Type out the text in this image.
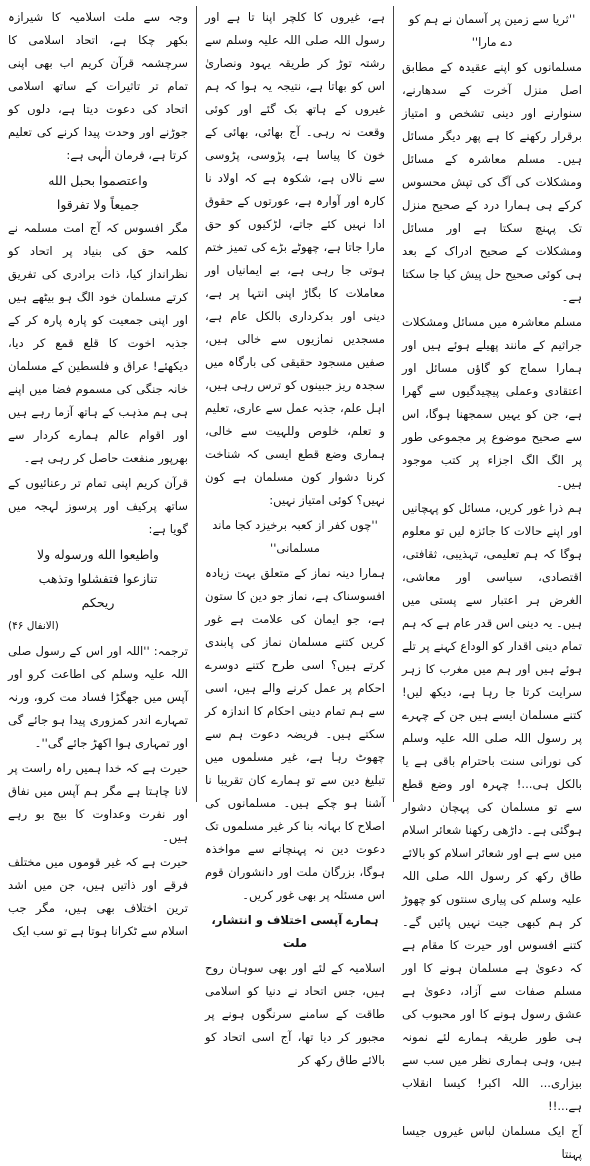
''ثریا سے زمین پر آسمان نے ہم کو دے مارا''

مسلمانوں کو اپنے عقیدہ کے مطابق اصل منزل آخرت کے سدھارنے، سنوارنے اور دینی تشخص و امتیاز برقرار رکھنے کا ہے پھر دیگر مسائل ہیں۔ مسلم معاشرہ کے مسائل ومشکلات کی آگ کی تپش محسوس کرکے ہی ہمارا درد کے صحیح منزل تک پہنچ سکتا ہے اور مسائل ومشکلات کے صحیح ادراک کے بعد ہی کوئی صحیح حل پیش کیا جا سکتا ہے۔

مسلم معاشرہ میں مسائل ومشکلات جراثیم کے مانند پھیلے ہوئے ہیں اور ہمارا سماج کو گاؤں مسائل اور اعتقادی وعملی پیچیدگیوں سے گھرا ہے، جن کو یہیں سمجھنا ہوگا، اس سے صحیح موضوع پر مجموعی طور پر الگ الگ اجزاء پر کتب موجود ہیں۔

ہم ذرا غور کریں، مسائل کو پہچانیں اور اپنے حالات کا جائزہ لیں تو معلوم ہوگا کہ ہم تعلیمی، تہذیبی، ثقافتی، اقتصادی، سیاسی اور معاشی، الغرض ہر اعتبار سے پستی میں ہیں۔ یہ دینی اس قدر عام ہے کہ ہم تمام دینی اقدار کو الوداع کہنے پر تلے ہوئے ہیں اور ہم میں مغرب کا زہر سرایت کرتا جا رہا ہے، دیکھ لیں! کتنے مسلمان ایسے ہیں جن کے چہرے پر رسول اللہ صلی اللہ علیہ وسلم کی نورانی سنت باحترام باقی ہے یا بالکل ہی...! چہرہ اور وضع قطع سے تو مسلمان کی پہچان دشوار ہوگئی ہے۔ داڑھی رکھنا شعائر اسلام میں سے ہے اور شعائر اسلام کو بالائے طاق رکھ کر رسول اللہ صلی اللہ علیہ وسلم کی پیاری سنتوں کو چھوڑ کر ہم کبھی جیت نہیں پائیں گے۔ کتنے افسوس اور حیرت کا مقام ہے کہ دعویٰ ہے مسلمان ہونے کا اور مسلم صفات سے آزاد، دعویٰ ہے عشق رسول ہونے کا اور محبوب کی ہی طور طریقہ ہمارے لئے نمونہ ہیں، وہی ہماری نظر میں سب سے بیزاری... اللہ اکبر! کیسا انقلاب ہے...!!

آج ایک مسلمان لباس غیروں جیسا پہنتا

ہے، غیروں کا کلچر اپنا تا ہے اور رسول اللہ صلی اللہ علیہ وسلم سے رشتہ توڑ کر طریقہ یہود ونصاریٰ اس کو بھاتا ہے، نتیجہ یہ ہوا کہ ہم غیروں کے ہاتھ بک گئے اور کوئی وقعت نہ رہی۔ آج بھائی، بھائی کے خون کا پیاسا ہے، پڑوسی، پڑوسی سے نالاں ہے، شکوہ ہے کہ اولاد نا کارہ اور آوارہ ہے، عورتوں کے حقوق ادا نہیں کئے جاتے، لڑکیوں کو حق مارا جاتا ہے، چھوٹے بڑے کی تمیز ختم ہوتی جا رہی ہے، بے ایمانیاں اور معاملات کا بگاڑ اپنی انتہا پر ہے، دینی اور بدکرداری بالکل عام ہے، مسجدیں نمازیوں سے خالی ہیں، صفیں مسجود حقیقی کی بارگاہ میں سجدہ ریز جبینوں کو ترس رہی ہیں، اہل علم، جذبہ عمل سے عاری، تعلیم و تعلم، خلوص وللہیت سے خالی، ہماری وضع قطع ایسی کہ شناخت کرنا دشوار کون مسلمان ہے کون نہیں؟ کوئی امتیاز نہیں:

''چوں کفر از کعبہ برخیزد کجا ماند مسلمانی''

ہمارا دینہ نماز کے متعلق بہت زیادہ افسوسناک ہے، نماز جو دین کا ستون ہے، جو ایمان کی علامت ہے غور کریں کتنے مسلمان نماز کی پابندی کرتے ہیں؟ اسی طرح کتنے دوسرے احکام پر عمل کرنے والے ہیں، اسی سے ہم تمام دینی احکام کا اندازہ کر سکتے ہیں۔ فریضہ دعوت ہم سے چھوٹ رہا ہے، غیر مسلموں میں تبلیغ دین سے تو ہمارے کان تقریبا نا آشنا ہو چکے ہیں۔ مسلمانوں کی اصلاح کا بہانہ بنا کر غیر مسلموں تک دعوت دین نہ پہنچانے سے مواخذہ ہوگا، بزرگان ملت اور دانشوران قوم اس مسئلہ پر بھی غور کریں۔

ہمارے آپسی اختلاف و انتشار، ملت

اسلامیہ کے لئے اور بھی سوہان روح ہیں، جس اتحاد نے دنیا کو اسلامی طاقت کے سامنے سرنگوں ہونے پر مجبور کر دیا تھا، آج اسی اتحاد کو بالائے طاق رکھ کر

وجہ سے ملت اسلامیہ کا شیرازہ بکھر چکا ہے، اتحاد اسلامی کا سرچشمہ قرآن کریم اب بھی اپنی تمام تر تاثیرات کے ساتھ اسلامی اتحاد کی دعوت دیتا ہے، دلوں کو جوڑنے اور وحدت پیدا کرنے کی تعلیم کرتا ہے، فرمان الٰہی ہے:

واعتصموا بحبل الله

جميعاً ولا تفرقوا

مگر افسوس کہ آج امت مسلمہ نے کلمہ حق کی بنیاد پر اتحاد کو نظرانداز کیا، ذات برادری کی تفریق کرتے مسلمان خود الگ ہو بیٹھے ہیں اور اپنی جمعیت کو پارہ پارہ کر کے جذبہ اخوت کا قلع قمع کر دیا، دیکھئے! عراق و فلسطین کے مسلمان خانہ جنگی کی مسموم فضا میں اپنے ہی ہم مذہب کے ہاتھ آزما رہے ہیں اور اقوام عالم ہمارے کردار سے بھرپور منفعت حاصل کر رہی ہے۔

قرآن کریم اپنی تمام تر رعنائیوں کے ساتھ پرکیف اور پرسوز لہجہ میں گویا ہے:

واطيعوا الله ورسوله ولا

تنازعوا فتفشلوا وتذهب

ريحكم

(الانفال ۴۶)

ترجمہ: ''اللہ اور اس کے رسول صلی اللہ علیہ وسلم کی اطاعت کرو اور آپس میں جھگڑا فساد مت کرو، ورنہ تمہارے اندر کمزوری پیدا ہو جائے گی اور تمہاری ہوا اکھڑ جائے گی''۔

حیرت ہے کہ خدا ہمیں راہ راست پر لانا چاہتا ہے مگر ہم آپس میں نفاق اور نفرت وعداوت کا بیج بو رہے ہیں۔

حیرت ہے کہ غیر قوموں میں مختلف فرقے اور ذاتیں ہیں، جن میں اشد ترین اختلاف بھی ہیں، مگر جب اسلام سے ٹکرانا ہوتا ہے تو سب ایک
